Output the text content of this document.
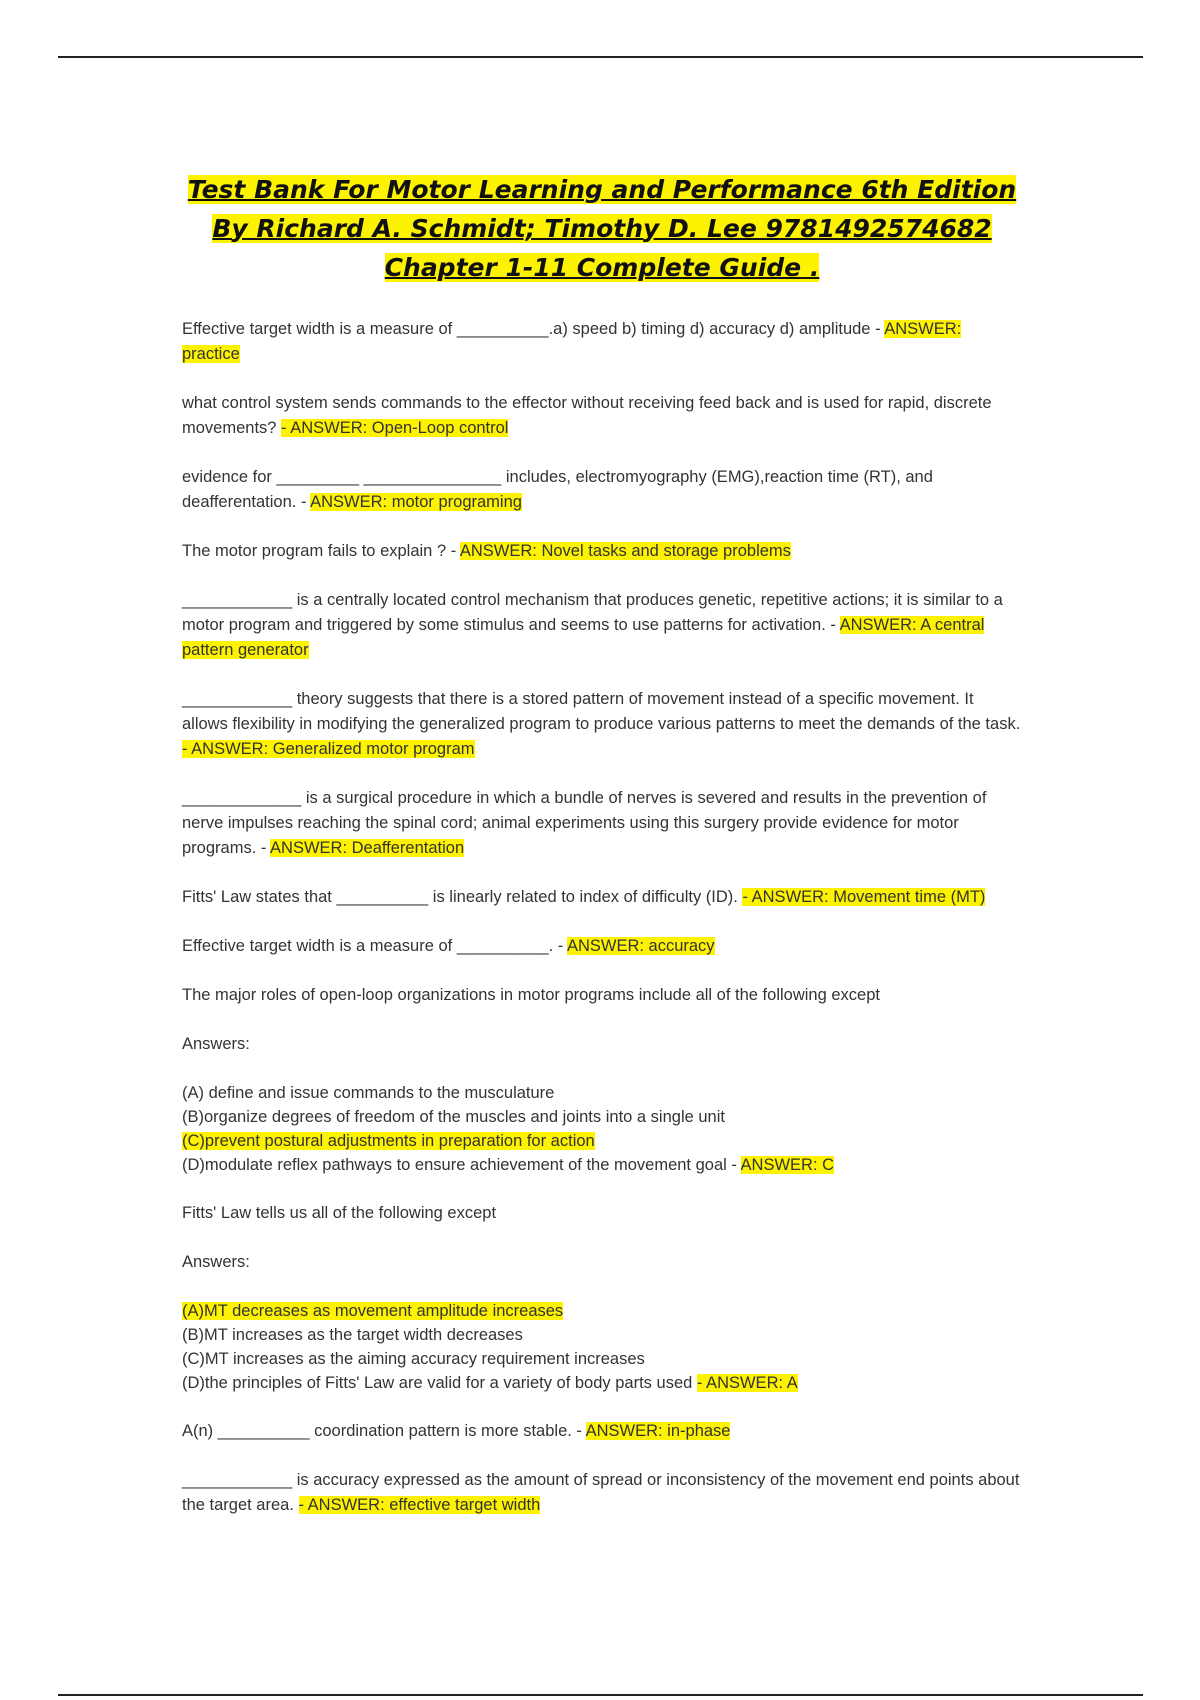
Test Bank For Motor Learning and Performance 6th Edition By Richard A. Schmidt; Timothy D. Lee 9781492574682 Chapter 1-11 Complete Guide .

Effective target width is a measure of __________.a) speed b) timing d) accuracy d) amplitude - ANSWER: practice

what control system sends commands to the effector without receiving feed back and is used for rapid, discrete movements? - ANSWER: Open-Loop control

evidence for _________ _______________ includes, electromyography (EMG),reaction time (RT), and deafferentation. - ANSWER: motor programing

The motor program fails to explain ? - ANSWER: Novel tasks and storage problems

____________ is a centrally located control mechanism that produces genetic, repetitive actions; it is similar to a motor program and triggered by some stimulus and seems to use patterns for activation. - ANSWER: A central pattern generator

____________ theory suggests that there is a stored pattern of movement instead of a specific movement. It allows flexibility in modifying the generalized program to produce various patterns to meet the demands of the task. - ANSWER: Generalized motor program

_____________ is a surgical procedure in which a bundle of nerves is severed and results in the prevention of nerve impulses reaching the spinal cord; animal experiments using this surgery provide evidence for motor programs. - ANSWER: Deafferentation

Fitts' Law states that __________ is linearly related to index of difficulty (ID). - ANSWER: Movement time (MT)

Effective target width is a measure of __________. - ANSWER: accuracy

The major roles of open-loop organizations in motor programs include all of the following except

Answers:

(A) define and issue commands to the musculature
(B)organize degrees of freedom of the muscles and joints into a single unit
(C)prevent postural adjustments in preparation for action
(D)modulate reflex pathways to ensure achievement of the movement goal - ANSWER: C

Fitts' Law tells us all of the following except

Answers:

(A)MT decreases as movement amplitude increases
(B)MT increases as the target width decreases
(C)MT increases as the aiming accuracy requirement increases
(D)the principles of Fitts' Law are valid for a variety of body parts used - ANSWER: A

A(n) __________ coordination pattern is more stable. - ANSWER: in-phase

____________ is accuracy expressed as the amount of spread or inconsistency of the movement end points about the target area. - ANSWER: effective target width
